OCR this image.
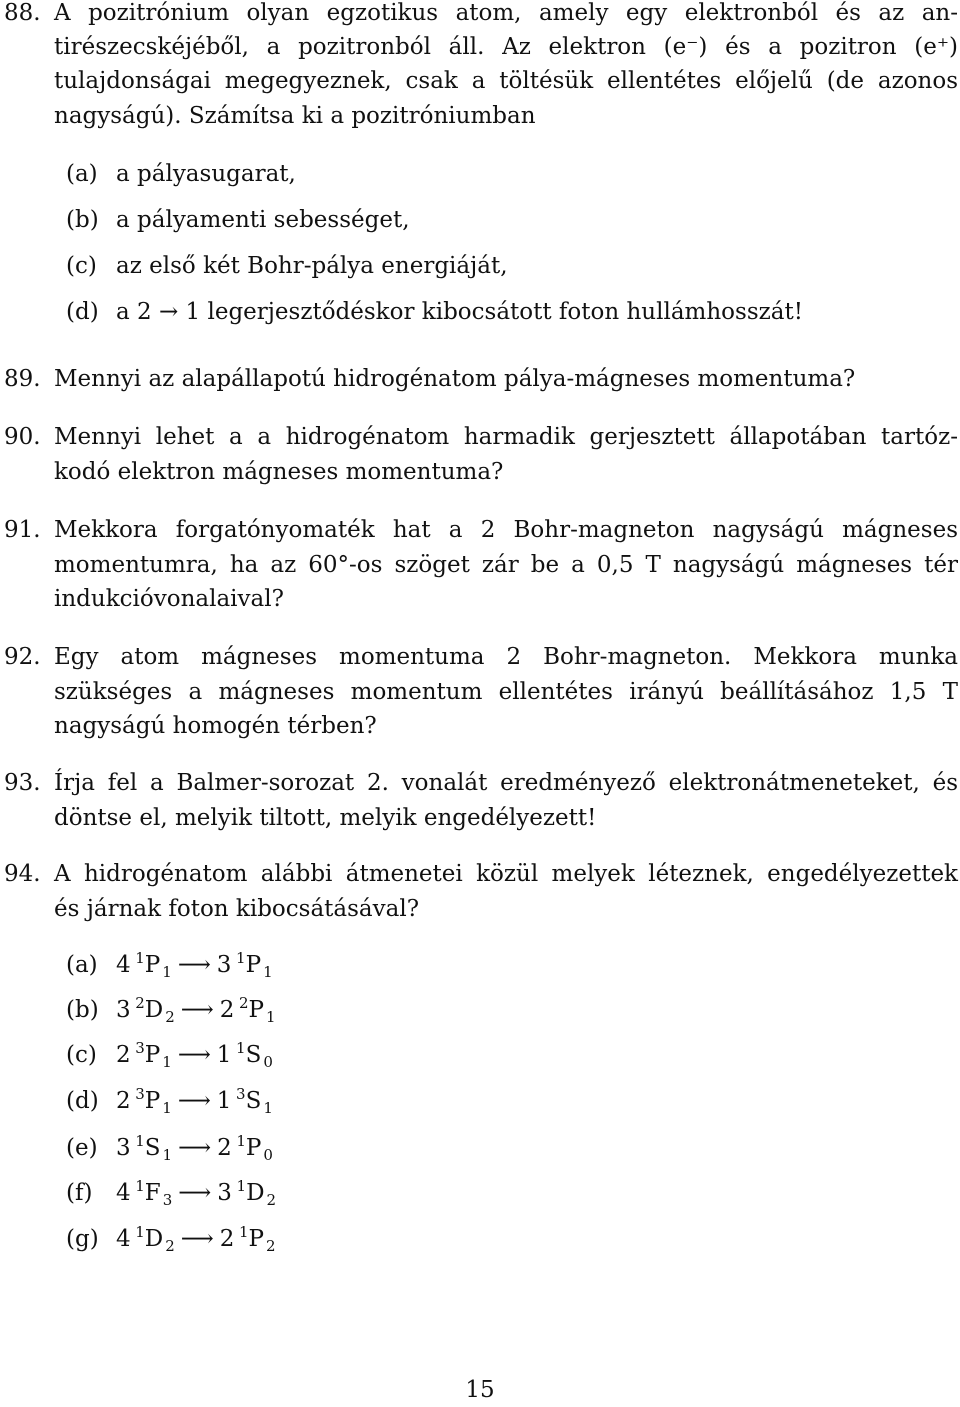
88. A pozitrónium olyan egzotikus atom, amely egy elektronból és az an-
tirészecskéjéből, a pozitronból áll. Az elektron (e⁻) és a pozitron (e⁺)
tulajdonságai megegyeznek, csak a töltésük ellentétes előjelű (de azonos
nagyságú). Számítsa ki a pozitróniumban
(a) a pályasugarat,
(b) a pályamenti sebességet,
(c) az első két Bohr-pálya energiáját,
(d) a 2 → 1 legerjesztődéskor kibocsátott foton hullámhosszát!
89. Mennyi az alapállapotú hidrogénatom pálya-mágneses momentuma?
90. Mennyi lehet a a hidrogénatom harmadik gerjesztett állapotában tartóz-
kodó elektron mágneses momentuma?
91. Mekkora forgatónyomaték hat a 2 Bohr-magneton nagyságú mágneses
momentumra, ha az 60°-os szöget zár be a 0,5 T nagyságú mágneses tér
indukcióvonalaival?
92. Egy atom mágneses momentuma 2 Bohr-magneton. Mekkora munka
szükséges a mágneses momentum ellentétes irányú beállításához 1,5 T
nagyságú homogén térben?
93. Írja fel a Balmer-sorozat 2. vonalát eredményező elektronátmeneteket, és
döntse el, melyik tiltott, melyik engedélyezett!
94. A hidrogénatom alábbi átmenetei közül melyek léteznek, engedélyezettek
és járnak foton kibocsátásával?
(a) 4 $^1$P $_1$ ⟶ 3 $^1$P $_1$
(b) 3 $^2$D $_2$ ⟶ 2 $^2$P $_1$
(c) 2 $^3$P $_1$ ⟶ 1 $^1$S $_0$
(d) 2 $^3$P $_1$ ⟶ 1 $^3$S $_1$
(e) 3 $^1$S $_1$ ⟶ 2 $^1$P $_0$
(f) 4 $^1$F $_3$ ⟶ 3 $^1$D $_2$
(g) 4 $^1$D $_2$ ⟶ 2 $^1$P $_2$
15
